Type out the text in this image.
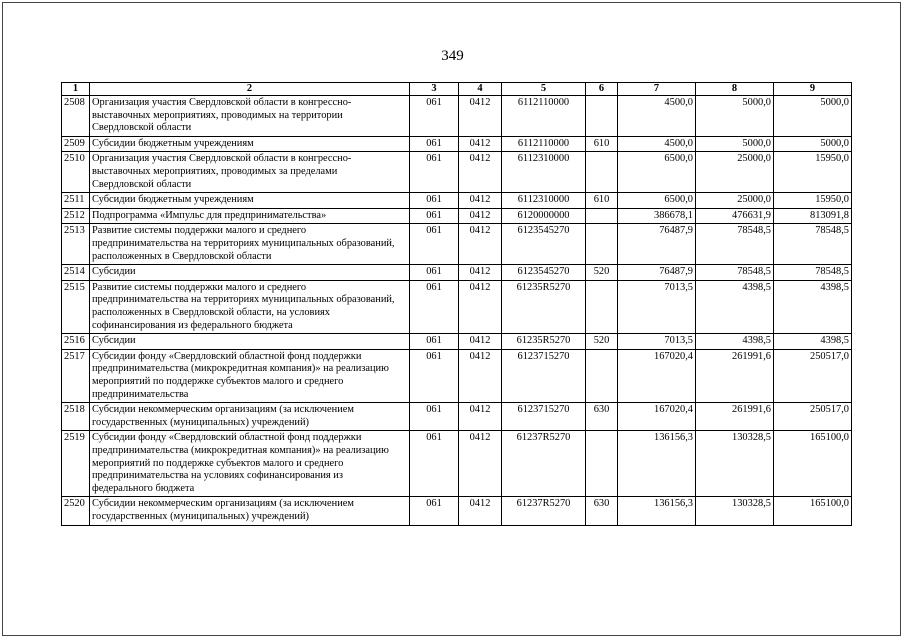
349
1	2	3	4	5	6	7	8	9
2508	Организация участия Свердловской области в конгрессно-
выставочных мероприятиях, проводимых на территории
Свердловской области	061	0412	6112110000		4500,0	5000,0	5000,0
2509	Субсидии бюджетным учреждениям	061	0412	6112110000	610	4500,0	5000,0	5000,0
2510	Организация участия Свердловской области в конгрессно-
выставочных мероприятиях, проводимых за пределами
Свердловской области	061	0412	6112310000		6500,0	25000,0	15950,0
2511	Субсидии бюджетным учреждениям	061	0412	6112310000	610	6500,0	25000,0	15950,0
2512	Подпрограмма «Импульс для предпринимательства»	061	0412	6120000000		386678,1	476631,9	813091,8
2513	Развитие системы поддержки малого и среднего
предпринимательства на территориях муниципальных образований,
расположенных в Свердловской области	061	0412	6123545270		76487,9	78548,5	78548,5
2514	Субсидии	061	0412	6123545270	520	76487,9	78548,5	78548,5
2515	Развитие системы поддержки малого и среднего
предпринимательства на территориях муниципальных образований,
расположенных в Свердловской области, на условиях
софинансирования из федерального бюджета	061	0412	61235R5270		7013,5	4398,5	4398,5
2516	Субсидии	061	0412	61235R5270	520	7013,5	4398,5	4398,5
2517	Субсидии фонду «Свердловский областной фонд поддержки
предпринимательства (микрокредитная компания)» на реализацию
мероприятий по поддержке субъектов малого и среднего
предпринимательства	061	0412	6123715270		167020,4	261991,6	250517,0
2518	Субсидии некоммерческим организациям (за исключением
государственных (муниципальных) учреждений)	061	0412	6123715270	630	167020,4	261991,6	250517,0
2519	Субсидии фонду «Свердловский областной фонд поддержки
предпринимательства (микрокредитная компания)» на реализацию
мероприятий по поддержке субъектов малого и среднего
предпринимательства на условиях софинансирования из
федерального бюджета	061	0412	61237R5270		136156,3	130328,5	165100,0
2520	Субсидии некоммерческим организациям (за исключением
государственных (муниципальных) учреждений)	061	0412	61237R5270	630	136156,3	130328,5	165100,0
